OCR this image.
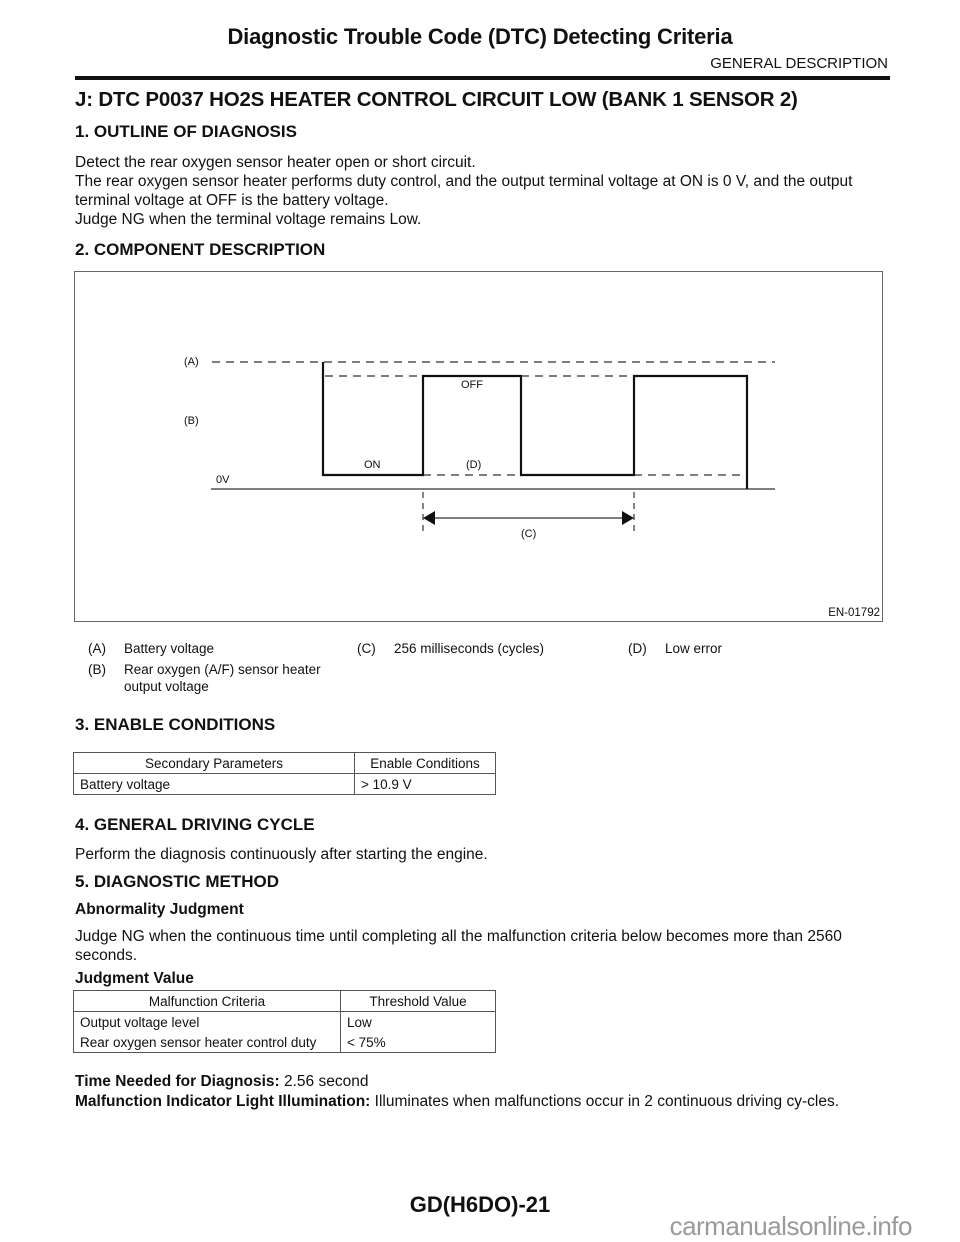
Diagnostic Trouble Code (DTC) Detecting Criteria
GENERAL DESCRIPTION
J: DTC P0037 HO2S HEATER CONTROL CIRCUIT LOW (BANK 1 SENSOR 2)
1. OUTLINE OF DIAGNOSIS
Detect the rear oxygen sensor heater open or short circuit.
The rear oxygen sensor heater performs duty control, and the output terminal voltage at ON is 0 V, and the output terminal voltage at OFF is the battery voltage.
Judge NG when the terminal voltage remains Low.
2. COMPONENT DESCRIPTION
(A)
(B)
0V
ON
OFF
(D)
(C)
EN-01792
(A) Battery voltage
(B) Rear oxygen (A/F) sensor heater output voltage
(C) 256 milliseconds (cycles)	(D) Low error
3. ENABLE CONDITIONS
Secondary Parameters	Enable Conditions
Battery voltage	> 10.9 V
4. GENERAL DRIVING CYCLE
Perform the diagnosis continuously after starting the engine.
5. DIAGNOSTIC METHOD
Abnormality Judgment
Judge NG when the continuous time until completing all the malfunction criteria below becomes more than 2560 seconds.
Judgment Value
Malfunction Criteria	Threshold Value
Output voltage level	Low
Rear oxygen sensor heater control duty	< 75%
Time Needed for Diagnosis: 2.56 second
Malfunction Indicator Light Illumination: Illuminates when malfunctions occur in 2 continuous driving cy-cles.
GD(H6DO)-21
carmanualsonline.info
